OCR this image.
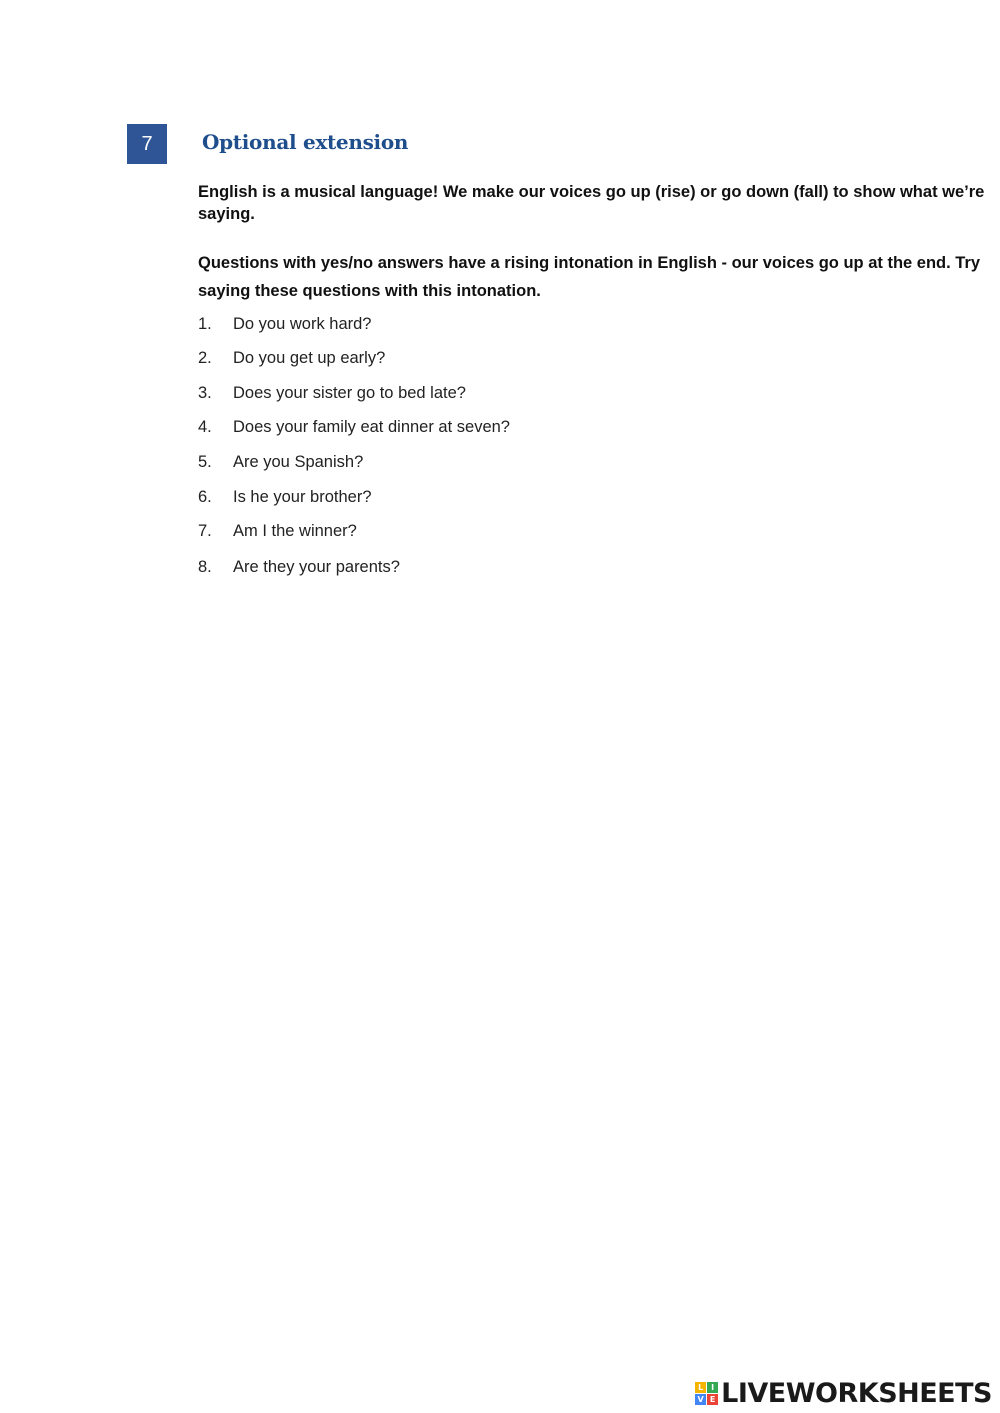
7	Optional extension
English is a musical language! We make our voices go up (rise) or go down (fall) to show what we’re saying.
Questions with yes/no answers have a rising intonation in English - our voices go up at the end. Try saying these questions with this intonation.
1. Do you work hard?
2. Do you get up early?
3. Does your sister go to bed late?
4. Does your family eat dinner at seven?
5. Are you Spanish?
6. Is he your brother?
7. Am I the winner?
8. Are they your parents?
L I
V E LIVEWORKSHEETS
